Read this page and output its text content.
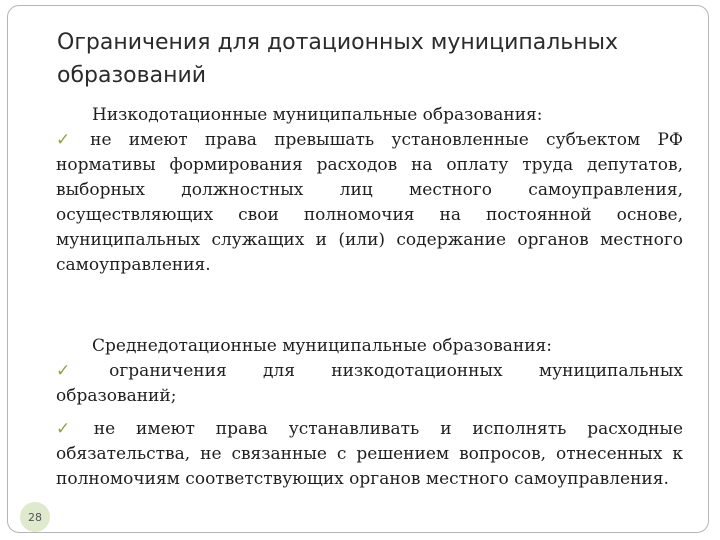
Ограничения для дотационных муниципальных образований
Низкодотационные муниципальные образования:
✓ не имеют права превышать установленные субъектом РФ нормативы формирования расходов на оплату труда депутатов, выборных должностных лиц местного самоуправления, осуществляющих свои полномочия на постоянной основе, муниципальных служащих и (или) содержание органов местного самоуправления.
Среднедотационные муниципальные образования:
✓ ограничения для низкодотационных муниципальных образований;
✓ не имеют права устанавливать и исполнять расходные обязательства, не связанные с решением вопросов, отнесенных к полномочиям соответствующих органов местного самоуправления.
28
